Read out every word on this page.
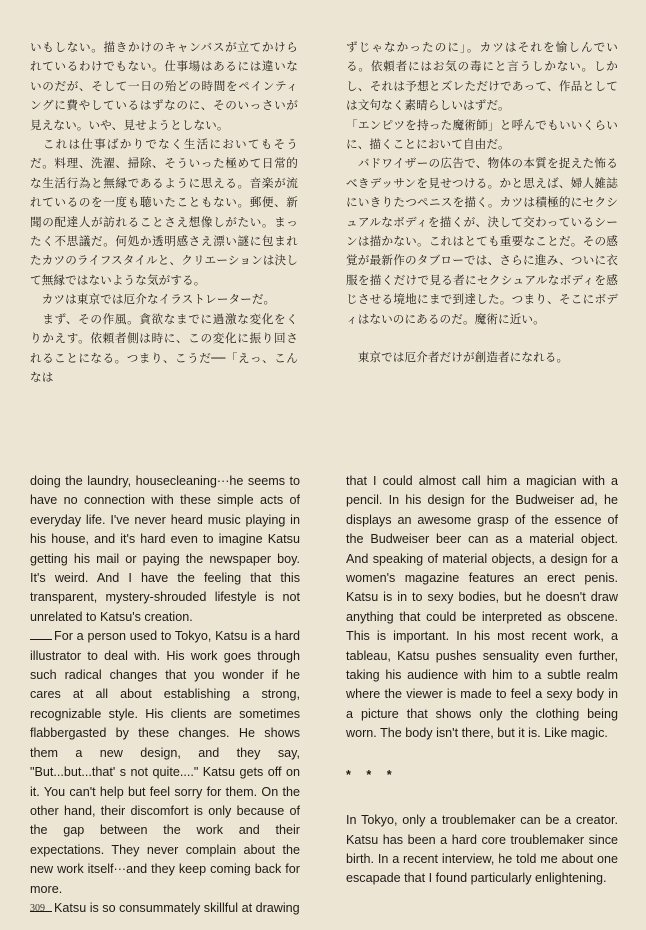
いもしない。描きかけのキャンバスが立てかけられているわけでもない。仕事場はあるには違いないのだが、そして一日の殆どの時間をペインティングに費やしているはずなのに、そのいっさいが見えない。いや、見せようとしない。

　これは仕事ばかりでなく生活においてもそうだ。料理、洗濯、掃除、そういった極めて日常的な生活行為と無縁であるように思える。音楽が流れているのを一度も聴いたこともない。郵便、新聞の配達人が訪れることさえ想像しがたい。まったく不思議だ。何処か透明感さえ漂い謎に包まれたカツのライフスタイルと、クリエーションは決して無縁ではないような気がする。

　カツは東京では厄介なイラストレーターだ。

　まず、その作風。貪欲なまでに過激な変化をくりかえす。依頼者側は時に、この変化に振り回されることになる。つまり、こうだ──「えっ、こんなは

ずじゃなかったのに」。カツはそれを愉しんでいる。依頼者にはお気の毒にと言うしかない。しかし、それは予想とズレただけであって、作品としては文句なく素晴らしいはずだ。

「エンピツを持った魔術師」と呼んでもいいくらいに、描くことにおいて自由だ。

　バドワイザーの広告で、物体の本質を捉えた怖るべきデッサンを見せつける。かと思えば、婦人雑誌にいきりたつペニスを描く。カツは積極的にセクシュアルなボディを描くが、決して交わっているシーンは描かない。これはとても重要なことだ。その感覚が最新作のタブローでは、さらに進み、ついに衣服を描くだけで見る者にセクシュアルなボディを感じさせる境地にまで到達した。つまり、そこにボディはないのにあるのだ。魔術に近い。

　東京では厄介者だけが創造者になれる。

doing the laundry, housecleaning···he seems to have no connection with these simple acts of everyday life. I've never heard music playing in his house, and it's hard even to imagine Katsu getting his mail or paying the newspaper boy. It's weird. And I have the feeling that this transparent, mystery-shrouded lifestyle is not unrelated to Katsu's creation.

For a person used to Tokyo, Katsu is a hard illustrator to deal with. His work goes through such radical changes that you wonder if he cares at all about establishing a strong, recognizable style. His clients are sometimes flabbergasted by these changes. He shows them a new design, and they say, "But...but...that' s not quite...." Katsu gets off on it. You can't help but feel sorry for them. On the other hand, their discomfort is only because of the gap between the work and their expectations. They never complain about the new work itself···and they keep coming back for more.

Katsu is so consummately skillful at drawing

that I could almost call him a magician with a pencil. In his design for the Budweiser ad, he displays an awesome grasp of the essence of the Budweiser beer can as a material object. And speaking of material objects, a design for a women's magazine features an erect penis. Katsu is in to sexy bodies, but he doesn't draw anything that could be interpreted as obscene. This is important. In his most recent work, a tableau, Katsu pushes sensuality even further, taking his audience with him to a subtle realm where the viewer is made to feel a sexy body in a picture that shows only the clothing being worn. The body isn't there, but it is. Like magic.

* * *

In Tokyo, only a troublemaker can be a creator. Katsu has been a hard core troublemaker since birth. In a recent interview, he told me about one escapade that I found particularly enlightening.

309
